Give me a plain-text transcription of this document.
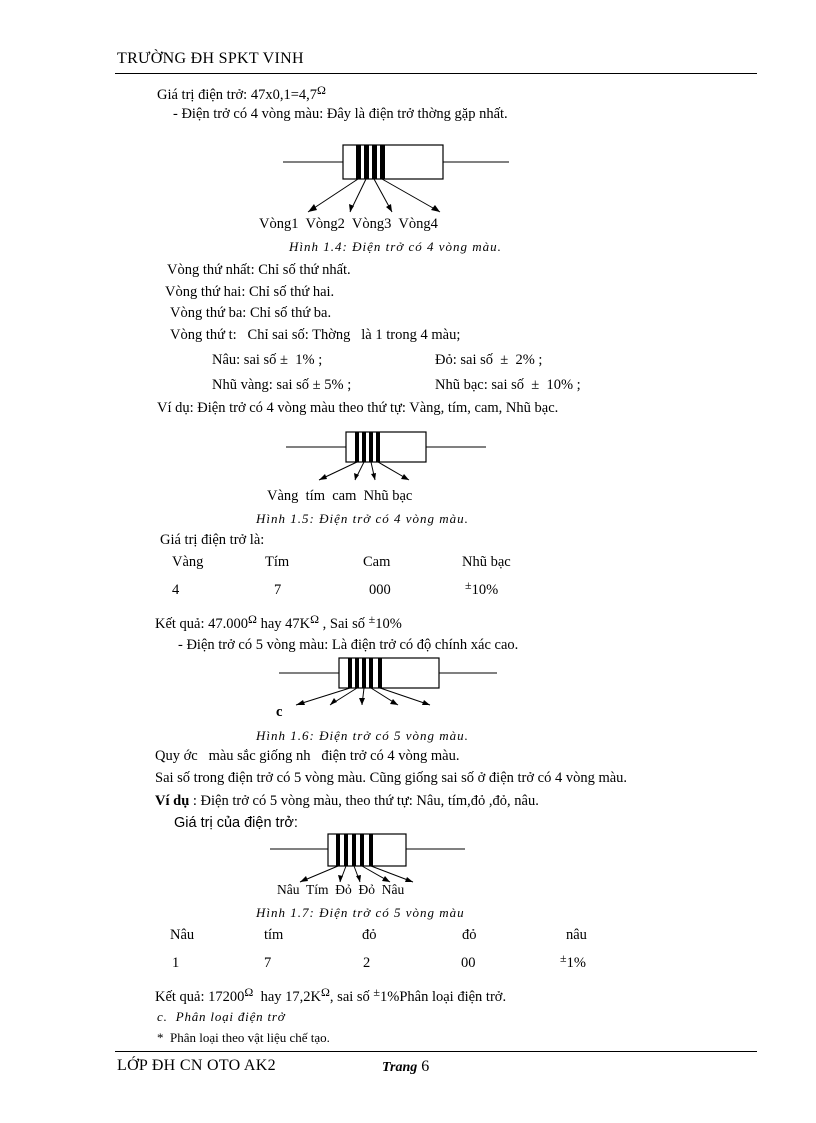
TRƯỜNG ĐH SPKT VINH
Giá trị điện trở: $47x0,1=4,7^\Omega$
- Điện trở có 4 vòng màu: Đây là điện trở thờng gặp nhất.
Vòng1  Vòng2  Vòng3  Vòng4
Hình 1.4: Điện trở có 4 vòng màu.
Vòng thứ nhất: Chỉ số thứ nhất.
Vòng thứ hai: Chỉ số thứ hai.
Vòng thứ ba: Chỉ số thứ ba.
Vòng thứ t:   Chỉ sai số: Thờng   là 1 trong 4 màu;
Nâu: sai số ±  1% ;	Đỏ: sai số  ±  2% ;
Nhũ vàng: sai số ± 5% ;	Nhũ bạc: sai số  ±  10% ;
Ví dụ: Điện trở có 4 vòng màu theo thứ tự: Vàng, tím, cam, Nhũ bạc.
Vàng  tím  cam  Nhũ bạc
Hình 1.5: Điện trở có 4 vòng màu.
Giá trị điện trở là:
Vàng	Tím	Cam	Nhũ bạc
4	7	000	±10%
Kết quả: $47.000^\Omega$ hay $47K^\Omega$ , Sai số ±10%
- Điện trở có 5 vòng màu: Là điện trở có độ chính xác cao.
c
Hình 1.6: Điện trở có 5 vòng màu.
Quy ớc   màu sắc giống nh   điện trở có 4 vòng màu.
Sai số trong điện trở có 5 vòng màu. Cũng giống sai số ở điện trở có 4 vòng màu.
Ví dụ : Điện trở có 5 vòng màu, theo thứ tự: Nâu, tím,đỏ ,đỏ, nâu.
Giá trị của điện trở:
Nâu  Tím  Đỏ  Đỏ  Nâu
Hình 1.7: Điện trở có 5 vòng màu
Nâu	tím	đỏ	đỏ	nâu
1	7	2	00	±1%
Kết quả: $17200^\Omega$  hay $17,2K^\Omega$, sai số ±1%Phân loại điện trở.
c.  Phân loại điện trở
*  Phân loại theo vật liệu chế tạo.
LỚP ĐH CN OTO AK2	Trang 6
